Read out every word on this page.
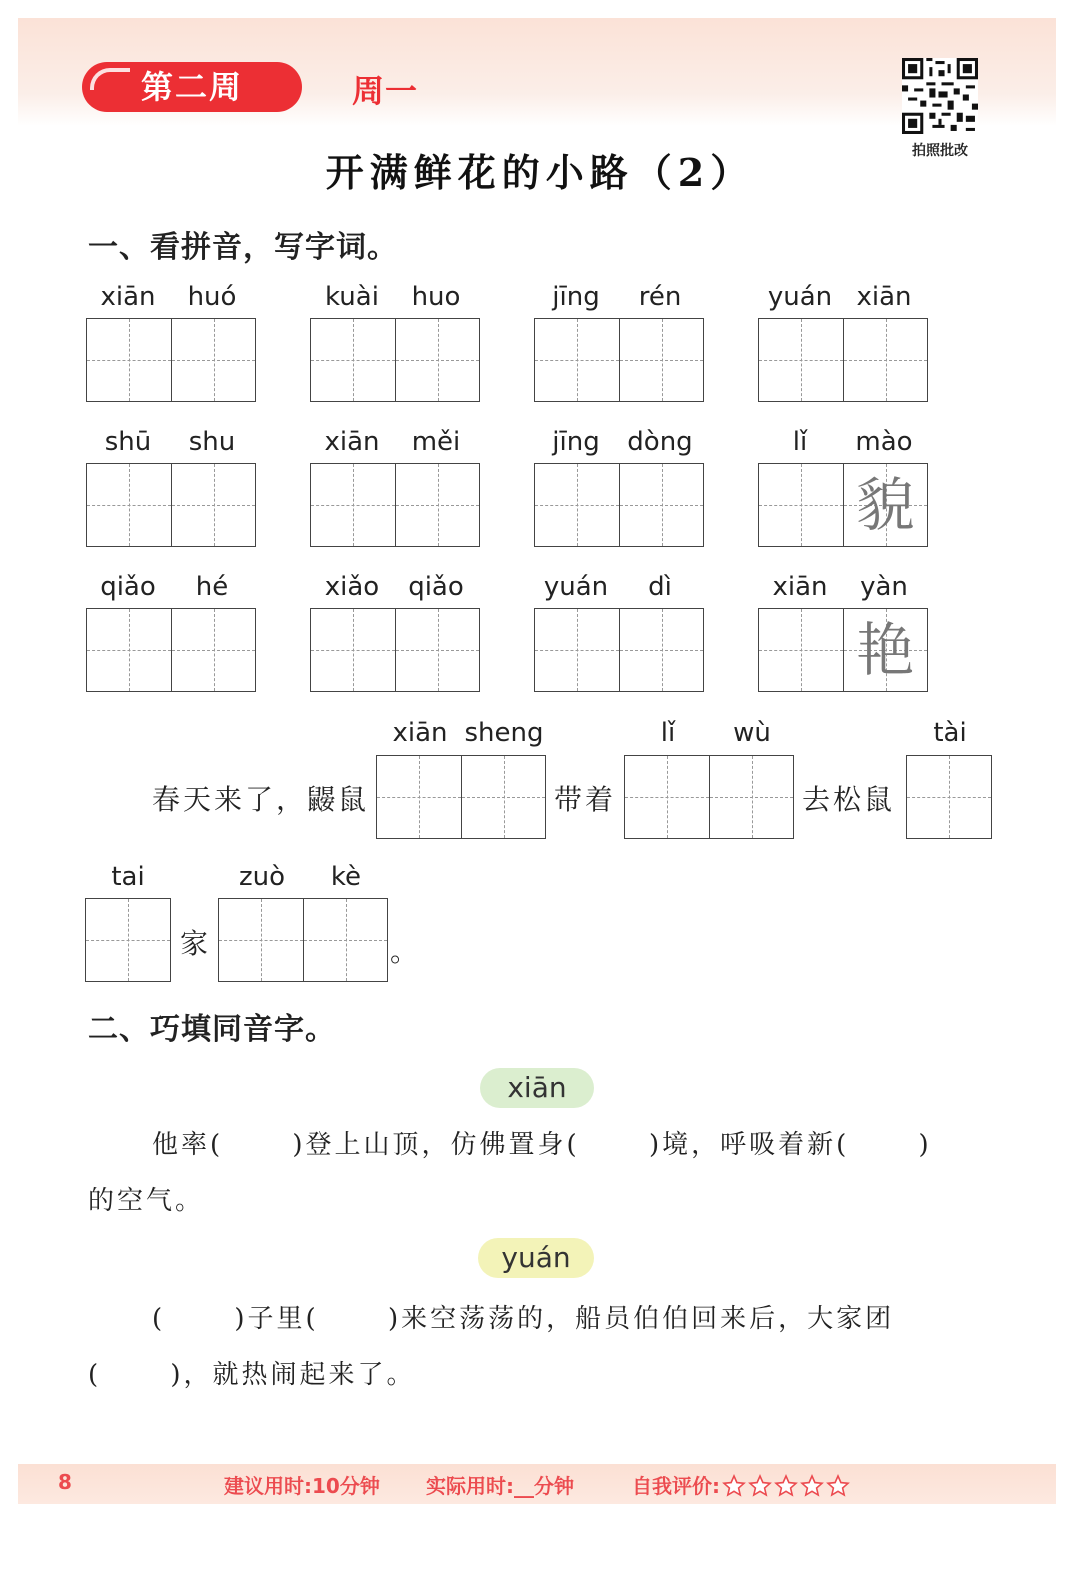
第二周	周一
拍照批改
开满鲜花的小路（2）
一、看拼音，写字词。
xiān	huó	kuài	huo	jīng	rén	yuán xiān
shū	shu	xiān	měi	jīng	dòng	lǐ	mào
貌
qiǎo	hé	xiǎo	qiǎo	yuán	dì	xiān	yàn
艳
xiān sheng
春天来了，鼹鼠
lǐ	wù
带着
tài
去松鼠
tai
家
zuò	kè
。
二、巧填同音字。
xiān
他率(　　 )登上山顶，仿佛置身(　　 )境，呼吸着新(　　 )
的空气。
yuán
(　　 )子里(　　 )来空荡荡的，船员伯伯回来后，大家团
(　　 )，就热闹起来了。
8	建议用时:10分钟 实际用时:__分钟	自我评价:
